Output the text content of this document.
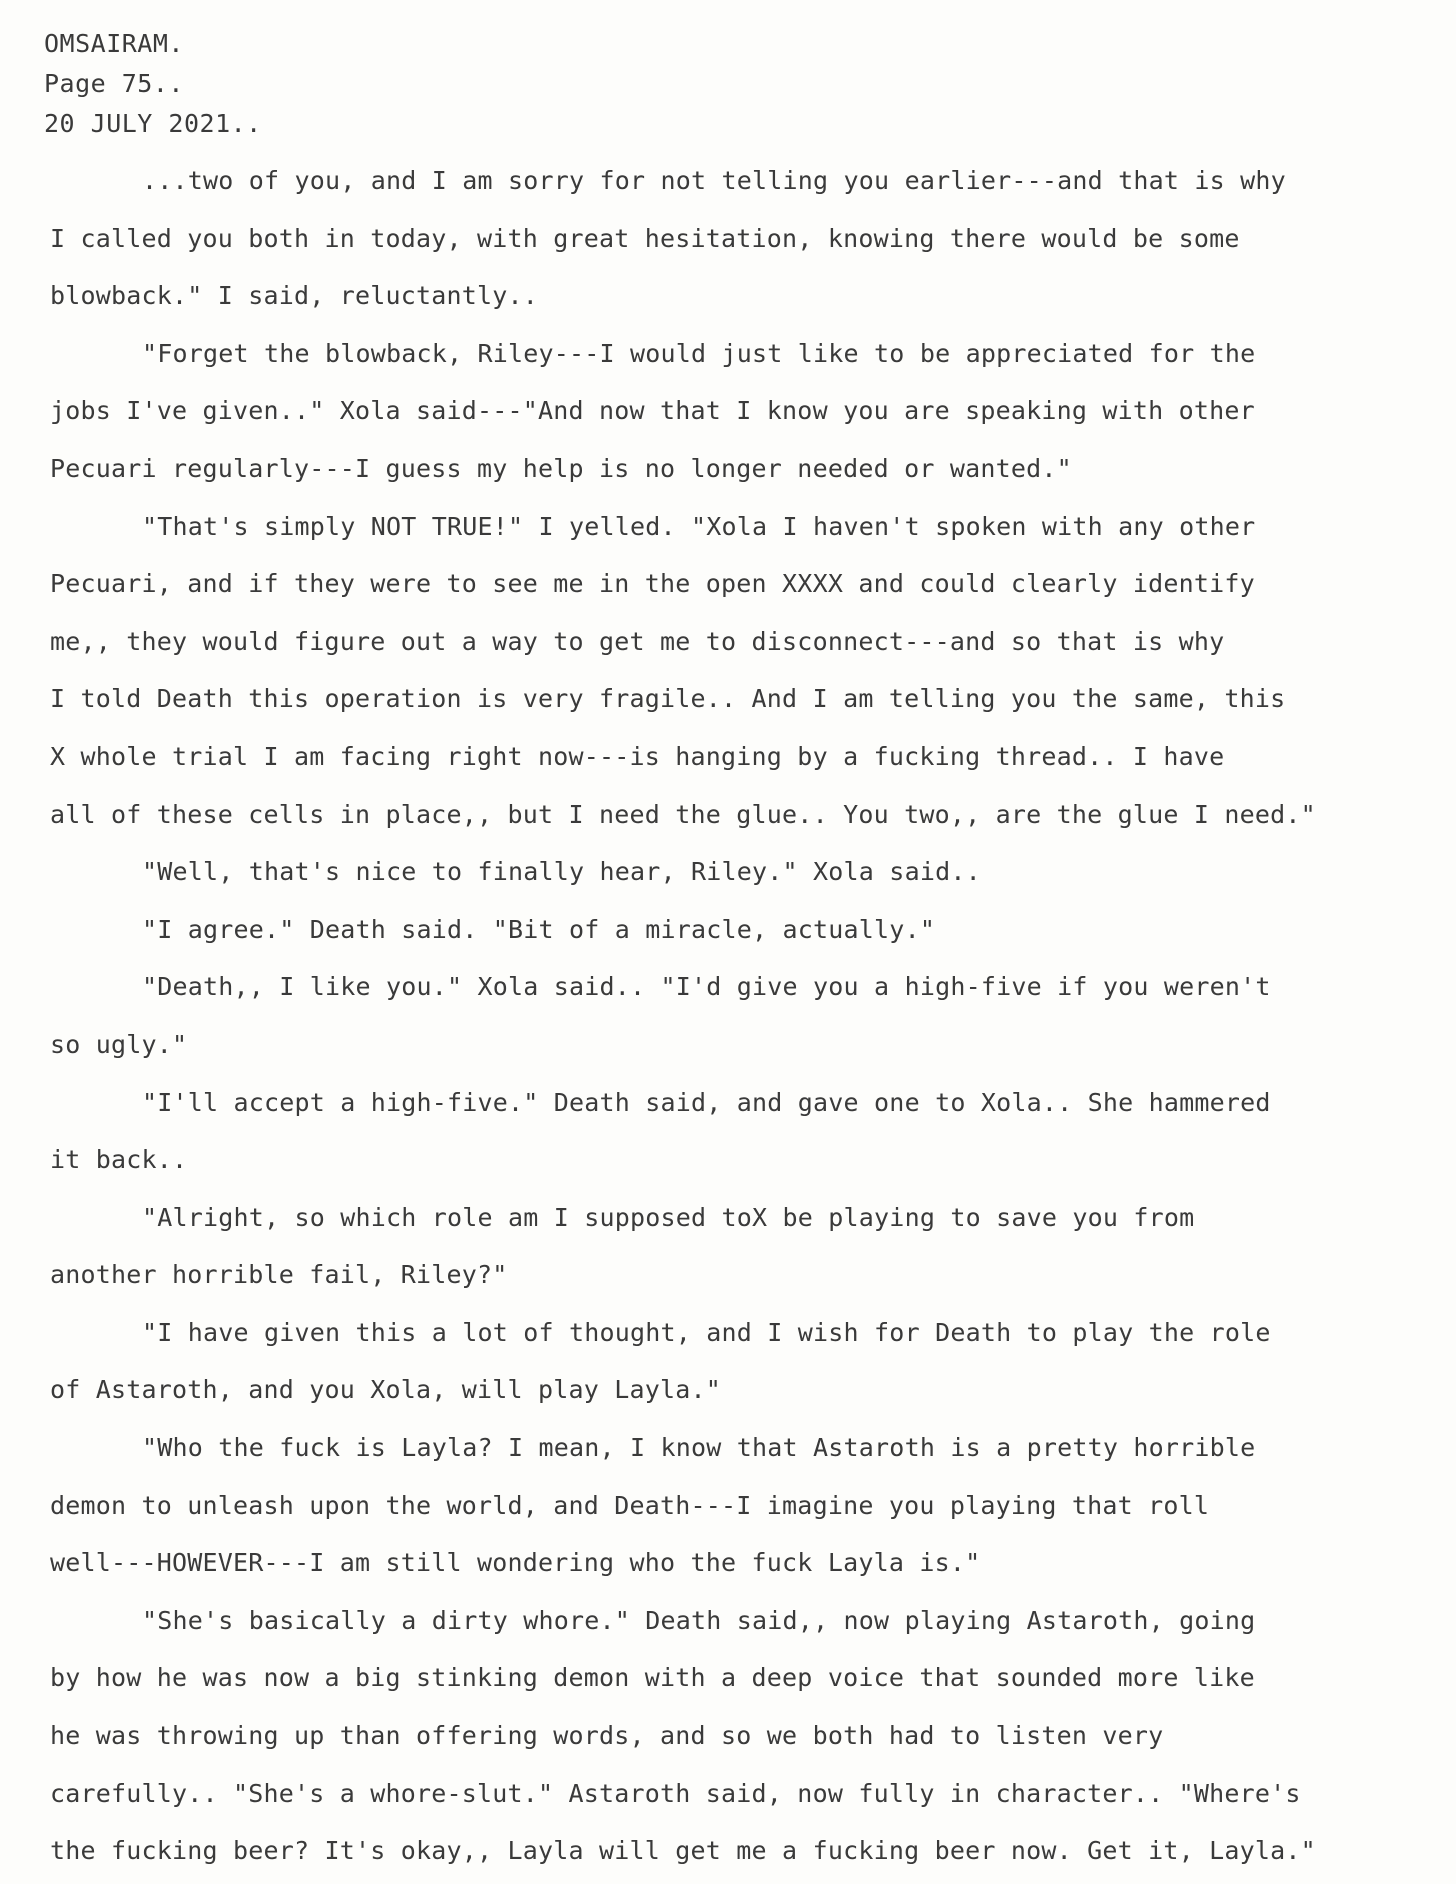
OMSAIRAM.
Page 75..
20 JULY 2021..
...two of you, and I am sorry for not telling you earlier---and that is why
I called you both in today, with great hesitation, knowing there would be some
blowback." I said, reluctantly..
"Forget the blowback, Riley---I would just like to be appreciated for the
jobs I've given.." Xola said---"And now that I know you are speaking with other
Pecuari regularly---I guess my help is no longer needed or wanted."
"That's simply NOT TRUE!" I yelled. "Xola I haven't spoken with any other
Pecuari, and if they were to see me in the open XXXX and could clearly identify
me,, they would figure out a way to get me to disconnect---and so that is why
I told Death this operation is very fragile.. And I am telling you the same, this
X whole trial I am facing right now---is hanging by a fucking thread.. I have
all of these cells in place,, but I need the glue.. You two,, are the glue I need."
"Well, that's nice to finally hear, Riley." Xola said..
"I agree." Death said. "Bit of a miracle, actually."
"Death,, I like you." Xola said.. "I'd give you a high-five if you weren't
so ugly."
"I'll accept a high-five." Death said, and gave one to Xola.. She hammered
it back..
"Alright, so which role am I supposed toX be playing to save you from
another horrible fail, Riley?"
"I have given this a lot of thought, and I wish for Death to play the role
of Astaroth, and you Xola, will play Layla."
"Who the fuck is Layla? I mean, I know that Astaroth is a pretty horrible
demon to unleash upon the world, and Death---I imagine you playing that roll
well---HOWEVER---I am still wondering who the fuck Layla is."
"She's basically a dirty whore." Death said,, now playing Astaroth, going
by how he was now a big stinking demon with a deep voice that sounded more like
he was throwing up than offering words, and so we both had to listen very
carefully.. "She's a whore-slut." Astaroth said, now fully in character.. "Where's
the fucking beer? It's okay,, Layla will get me a fucking beer now. Get it, Layla."
